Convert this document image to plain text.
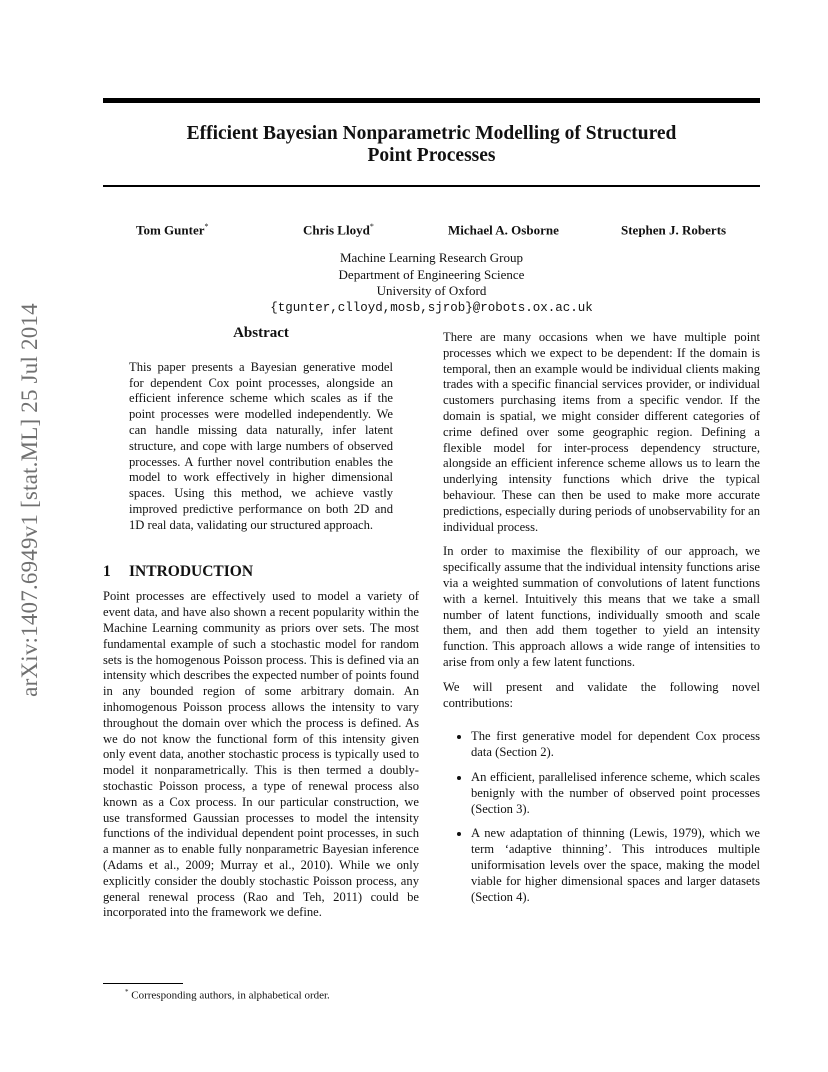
arXiv:1407.6949v1 [stat.ML] 25 Jul 2014
Efficient Bayesian Nonparametric Modelling of Structured
Point Processes
Tom Gunter*	Chris Lloyd*	Michael A. Osborne	Stephen J. Roberts
Machine Learning Research Group
Department of Engineering Science
University of Oxford
{tgunter,clloyd,mosb,sjrob}@robots.ox.ac.uk
Abstract
This paper presents a Bayesian generative model for dependent Cox point processes, alongside an efficient inference scheme which scales as if the point processes were modelled independently. We can handle missing data naturally, infer latent structure, and cope with large numbers of observed processes. A further novel contribution enables the model to work effectively in higher dimensional spaces. Using this method, we achieve vastly improved predictive performance on both 2D and 1D real data, validating our structured approach.
1 INTRODUCTION

Point processes are effectively used to model a variety of event data, and have also shown a recent popularity within the Machine Learning community as priors over sets. The most fundamental example of such a stochastic model for random sets is the homogenous Poisson process. This is defined via an intensity which describes the expected number of points found in any bounded region of some arbitrary domain. An inhomogenous Poisson process allows the intensity to vary throughout the domain over which the process is defined. As we do not know the functional form of this intensity given only event data, another stochastic process is typically used to model it nonparametrically. This is then termed a doubly-stochastic Poisson process, a type of renewal process also known as a Cox process. In our particular construction, we use transformed Gaussian processes to model the intensity functions of the individual dependent point processes, in such a manner as to enable fully nonparametric Bayesian inference (Adams et al., 2009; Murray et al., 2010). While we only explicitly consider the doubly stochastic Poisson process, any general renewal process (Rao and Teh, 2011) could be incorporated into the framework we define.

There are many occasions when we have multiple point processes which we expect to be dependent: If the domain is temporal, then an example would be individual clients making trades with a specific financial services provider, or individual customers purchasing items from a specific vendor. If the domain is spatial, we might consider different categories of crime defined over some geographic region. Defining a flexible model for inter-process dependency structure, alongside an efficient inference scheme allows us to learn the underlying intensity functions which drive the typical behaviour. These can then be used to make more accurate predictions, especially during periods of unobservability for an individual process.

In order to maximise the flexibility of our approach, we specifically assume that the individual intensity functions arise via a weighted summation of convolutions of latent functions with a kernel. Intuitively this means that we take a small number of latent functions, individually smooth and scale them, and then add them together to yield an intensity function. This approach allows a wide range of intensities to arise from only a few latent functions.

We will present and validate the following novel contributions:

• The first generative model for dependent Cox process data (Section 2).
• An efficient, parallelised inference scheme, which scales benignly with the number of observed point processes (Section 3).
• A new adaptation of thinning (Lewis, 1979), which we term ‘adaptive thinning’. This introduces multiple uniformisation levels over the space, making the model viable for higher dimensional spaces and larger datasets (Section 4).
* Corresponding authors, in alphabetical order.
